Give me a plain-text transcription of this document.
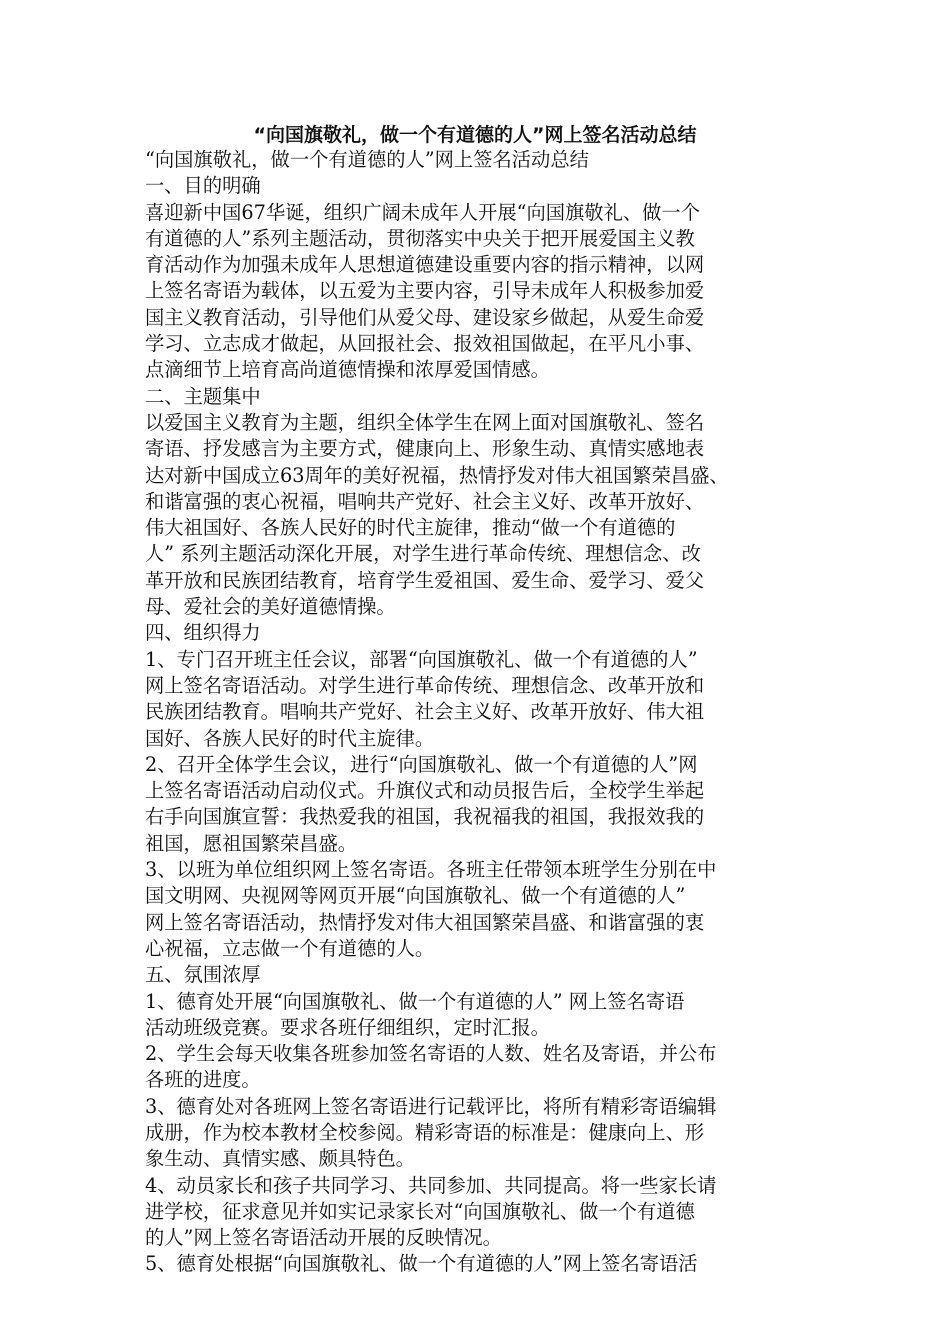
“向国旗敬礼，做一个有道德的人”网上签名活动总结
“向国旗敬礼，做一个有道德的人”网上签名活动总结
一、目的明确
喜迎新中国67华诞，组织广阔未成年人开展“向国旗敬礼、做一个
有道德的人”系列主题活动，贯彻落实中央关于把开展爱国主义教
育活动作为加强未成年人思想道德建设重要内容的指示精神，以网
上签名寄语为载体，以五爱为主要内容，引导未成年人积极参加爱
国主义教育活动，引导他们从爱父母、建设家乡做起，从爱生命爱
学习、立志成才做起，从回报社会、报效祖国做起，在平凡小事、
点滴细节上培育高尚道德情操和浓厚爱国情感。
二、主题集中
以爱国主义教育为主题，组织全体学生在网上面对国旗敬礼、签名
寄语、抒发感言为主要方式，健康向上、形象生动、真情实感地表
达对新中国成立63周年的美好祝福，热情抒发对伟大祖国繁荣昌盛、
和谐富强的衷心祝福，唱响共产党好、社会主义好、改革开放好、
伟大祖国好、各族人民好的时代主旋律，推动“做一个有道德的
人” 系列主题活动深化开展，对学生进行革命传统、理想信念、改
革开放和民族团结教育，培育学生爱祖国、爱生命、爱学习、爱父
母、爱社会的美好道德情操。
四、组织得力
1、专门召开班主任会议，部署“向国旗敬礼、做一个有道德的人”
网上签名寄语活动。对学生进行革命传统、理想信念、改革开放和
民族团结教育。唱响共产党好、社会主义好、改革开放好、伟大祖
国好、各族人民好的时代主旋律。
2、召开全体学生会议，进行“向国旗敬礼、做一个有道德的人”网
上签名寄语活动启动仪式。升旗仪式和动员报告后，全校学生举起
右手向国旗宣誓：我热爱我的祖国，我祝福我的祖国，我报效我的
祖国，愿祖国繁荣昌盛。
3、以班为单位组织网上签名寄语。各班主任带领本班学生分别在中
国文明网、央视网等网页开展“向国旗敬礼、做一个有道德的人”
网上签名寄语活动，热情抒发对伟大祖国繁荣昌盛、和谐富强的衷
心祝福，立志做一个有道德的人。
五、氛围浓厚
1、德育处开展“向国旗敬礼、做一个有道德的人” 网上签名寄语
活动班级竞赛。要求各班仔细组织，定时汇报。
2、学生会每天收集各班参加签名寄语的人数、姓名及寄语，并公布
各班的进度。
3、德育处对各班网上签名寄语进行记载评比，将所有精彩寄语编辑
成册，作为校本教材全校参阅。精彩寄语的标准是：健康向上、形
象生动、真情实感、颇具特色。
4、动员家长和孩子共同学习、共同参加、共同提高。将一些家长请
进学校，征求意见并如实记录家长对“向国旗敬礼、做一个有道德
的人”网上签名寄语活动开展的反映情况。
5、德育处根据“向国旗敬礼、做一个有道德的人”网上签名寄语活
